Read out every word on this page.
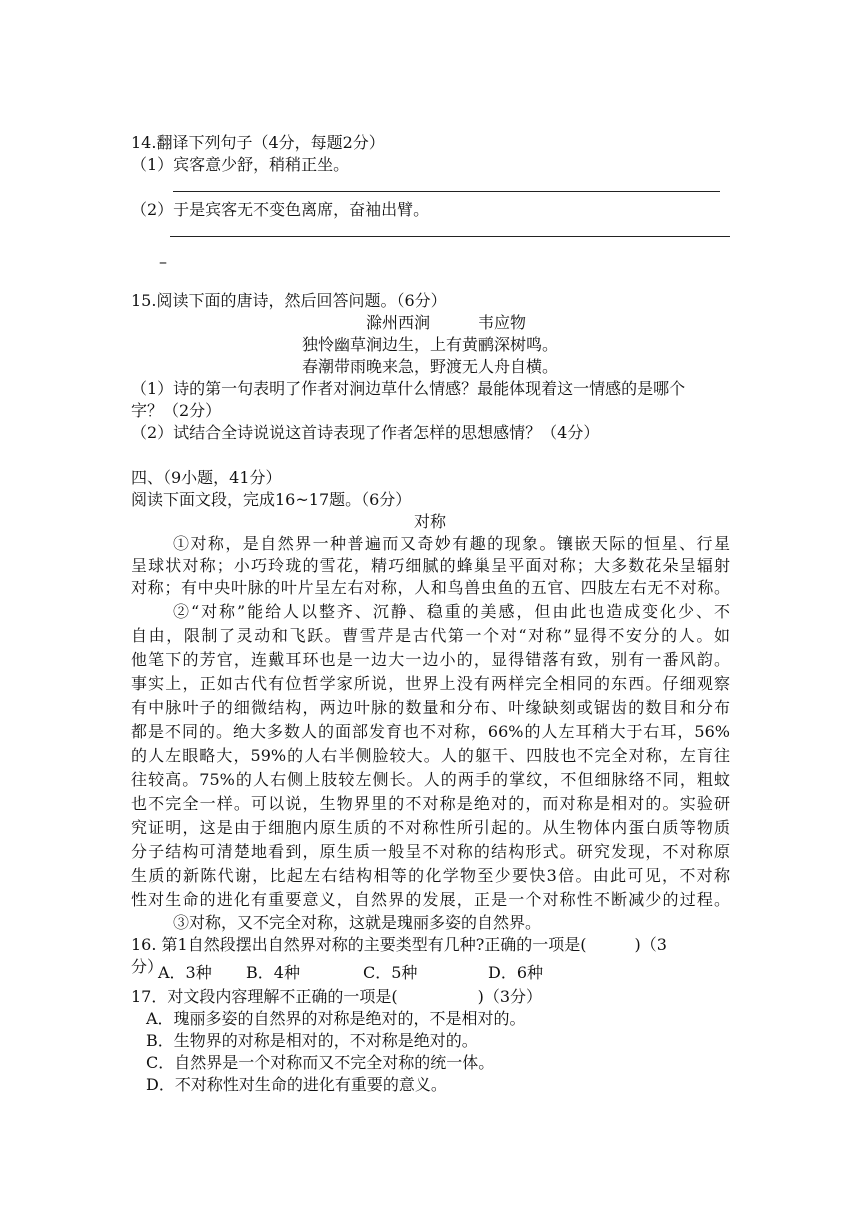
14.翻译下列句子（4分，每题2分）

（1）宾客意少舒，稍稍正坐。

（2）于是宾客无不变色离席，奋袖出臂。

–

15.阅读下面的唐诗，然后回答问题。（6分）

滁州西涧	韦应物

独怜幽草涧边生，上有黄鹂深树鸣。

春潮带雨晚来急，野渡无人舟自横。

（1）诗的第一句表明了作者对涧边草什么情感？最能体现着这一情感的是哪个

字？（2分）

（2）试结合全诗说说这首诗表现了作者怎样的思想感情？（4分）

四、（9小题，41分）

阅读下面文段，完成16~17题。（6分）

对称

①对称，是自然界一种普遍而又奇妙有趣的现象。镶嵌天际的恒星、行星

呈球状对称；小巧玲珑的雪花，精巧细腻的蜂巢呈平面对称；大多数花朵呈辐射

对称；有中央叶脉的叶片呈左右对称，人和鸟兽虫鱼的五官、四肢左右无不对称。

②“对称”能给人以整齐、沉静、稳重的美感，但由此也造成变化少、不

自由，限制了灵动和飞跃。曹雪芹是古代第一个对“对称”显得不安分的人。如

他笔下的芳官，连戴耳环也是一边大一边小的，显得错落有致，别有一番风韵。

事实上，正如古代有位哲学家所说，世界上没有两样完全相同的东西。仔细观察

有中脉叶子的细微结构，两边叶脉的数量和分布、叶缘缺刻或锯齿的数目和分布

都是不同的。绝大多数人的面部发育也不对称，66%的人左耳稍大于右耳，56%

的人左眼略大，59%的人右半侧脸较大。人的躯干、四肢也不完全对称，左肓往

往较高。75%的人右侧上肢较左侧长。人的两手的掌纹，不但细脉络不同，粗蚊

也不完全一样。可以说，生物界里的不对称是绝对的，而对称是相对的。实验研

究证明，这是由于细胞内原生质的不对称性所引起的。从生物体内蛋白质等物质

分子结构可清楚地看到，原生质一般呈不对称的结构形式。研究发现，不对称原

生质的新陈代谢，比起左右结构相等的化学物至少要快3倍。由此可见，不对称

性对生命的进化有重要意义，自然界的发展，正是一个对称性不断减少的过程。

③对称，又不完全对称，这就是瑰丽多姿的自然界。

16. 第1自然段摆出自然界对称的主要类型有几种?正确的一项是(　　　)（3

分）

A．3种 B．4种	C．5种	D．6种

17．对文段内容理解不正确的一项是(　　　　　)（3分）

A．瑰丽多姿的自然界的对称是绝对的，不是相对的。

B．生物界的对称是相对的，不对称是绝对的。

C．自然界是一个对称而又不完全对称的统一体。

D．不对称性对生命的进化有重要的意义。
